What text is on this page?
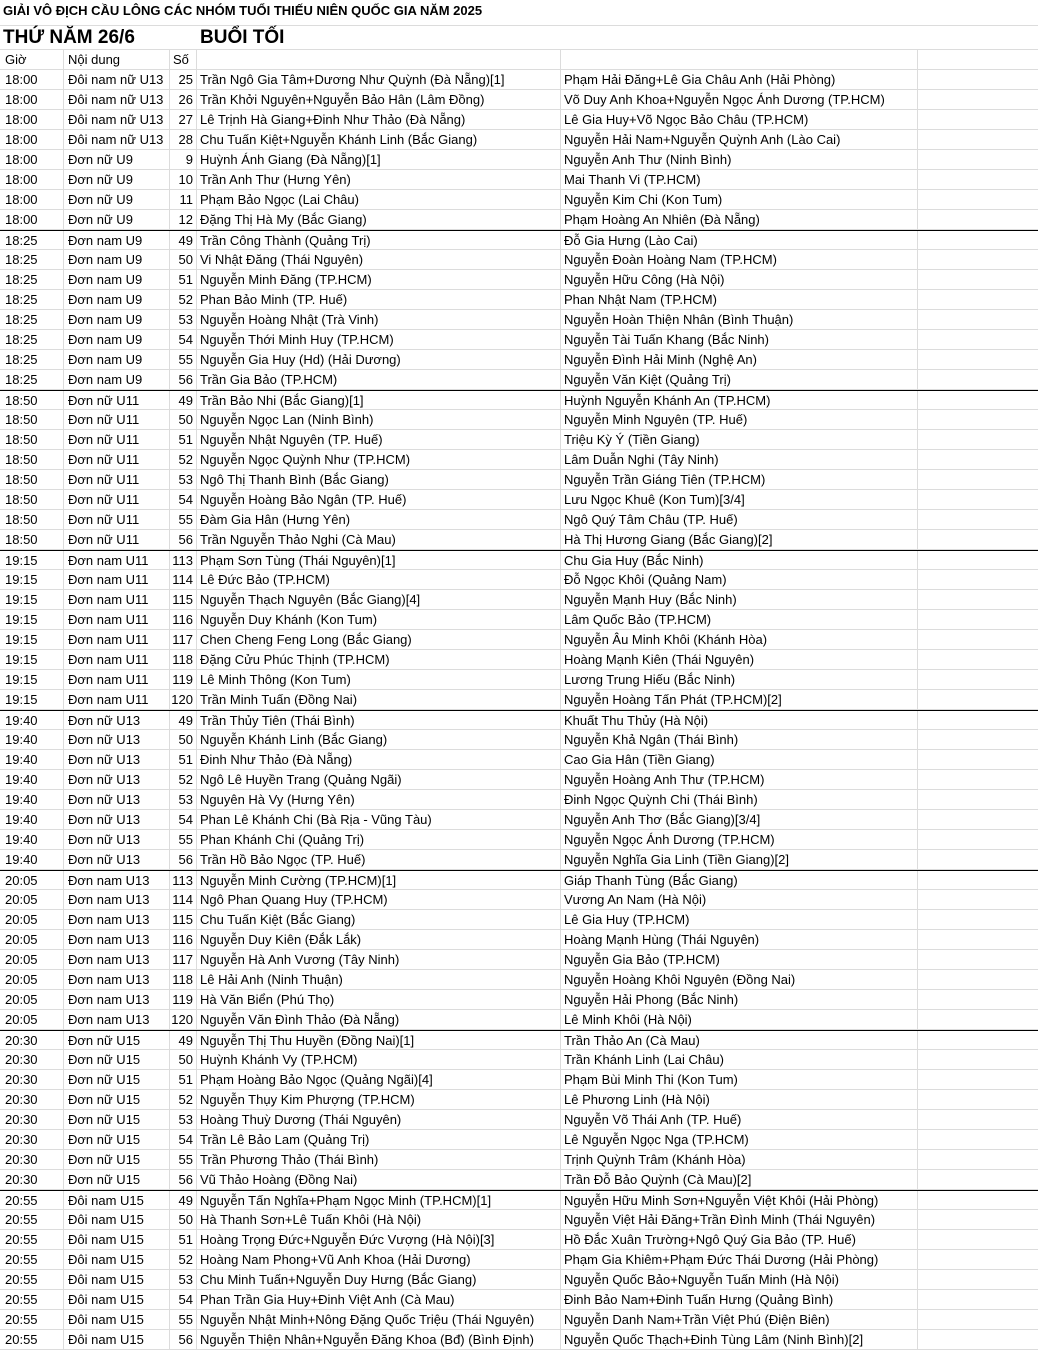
GIẢI VÔ ĐỊCH CẦU LÔNG CÁC NHÓM TUỔI THIẾU NIÊN QUỐC GIA NĂM 2025
THỨ NĂM 26/6	BUỔI TỐI
Giờ	Nội dung	Số
18:00	Đôi nam nữ U13	25 Trần Ngô Gia Tâm+Dương Như Quỳnh (Đà Nẵng)[1]	Phạm Hải Đăng+Lê Gia Châu Anh (Hải Phòng)
18:00	Đôi nam nữ U13	26 Trần Khởi Nguyên+Nguyễn Bảo Hân (Lâm Đồng)	Võ Duy Anh Khoa+Nguyễn Ngọc Ánh Dương (TP.HCM)
18:00	Đôi nam nữ U13	27 Lê Trịnh Hà Giang+Đinh Như Thảo (Đà Nẵng)	Lê Gia Huy+Võ Ngọc Bảo Châu (TP.HCM)
18:00	Đôi nam nữ U13	28 Chu Tuấn Kiệt+Nguyễn Khánh Linh (Bắc Giang)	Nguyễn Hải Nam+Nguyễn Quỳnh Anh (Lào Cai)
18:00	Đơn nữ U9	9 Huỳnh Ánh Giang (Đà Nẵng)[1]	Nguyễn Anh Thư (Ninh Bình)
18:00	Đơn nữ U9	10 Trần Anh Thư (Hưng Yên)	Mai Thanh Vi (TP.HCM)
18:00	Đơn nữ U9	11 Phạm Bảo Ngọc (Lai Châu)	Nguyễn Kim Chi (Kon Tum)
18:00	Đơn nữ U9	12 Đặng Thị Hà My (Bắc Giang)	Phạm Hoàng An Nhiên (Đà Nẵng)
18:25	Đơn nam U9	49 Trần Công Thành (Quảng Trị)	Đỗ Gia Hưng (Lào Cai)
18:25	Đơn nam U9	50 Vi Nhật Đăng (Thái Nguyên)	Nguyễn Đoàn Hoàng Nam (TP.HCM)
18:25	Đơn nam U9	51 Nguyễn Minh Đăng (TP.HCM)	Nguyễn Hữu Công (Hà Nội)
18:25	Đơn nam U9	52 Phan Bảo Minh (TP. Huế)	Phan Nhật Nam (TP.HCM)
18:25	Đơn nam U9	53 Nguyễn Hoàng Nhật (Trà Vinh)	Nguyễn Hoàn Thiện Nhân (Bình Thuận)
18:25	Đơn nam U9	54 Nguyễn Thới Minh Huy (TP.HCM)	Nguyễn Tài Tuấn Khang (Bắc Ninh)
18:25	Đơn nam U9	55 Nguyễn Gia Huy (Hd) (Hải Dương)	Nguyễn Đình Hải Minh (Nghệ An)
18:25	Đơn nam U9	56 Trần Gia Bảo (TP.HCM)	Nguyễn Văn Kiệt (Quảng Trị)
18:50	Đơn nữ U11	49 Trần Bảo Nhi (Bắc Giang)[1]	Huỳnh Nguyễn Khánh An (TP.HCM)
18:50	Đơn nữ U11	50 Nguyễn Ngọc Lan (Ninh Bình)	Nguyễn Minh Nguyên (TP. Huế)
18:50	Đơn nữ U11	51 Nguyễn Nhật Nguyên (TP. Huế)	Triệu Kỳ Ý (Tiền Giang)
18:50	Đơn nữ U11	52 Nguyễn Ngọc Quỳnh Như (TP.HCM)	Lâm Duẫn Nghi (Tây Ninh)
18:50	Đơn nữ U11	53 Ngô Thị Thanh Bình (Bắc Giang)	Nguyễn Trần Giáng Tiên (TP.HCM)
18:50	Đơn nữ U11	54 Nguyễn Hoàng Bảo Ngân (TP. Huế)	Lưu Ngọc Khuê (Kon Tum)[3/4]
18:50	Đơn nữ U11	55 Đàm Gia Hân (Hưng Yên)	Ngô Quý Tâm Châu (TP. Huế)
18:50	Đơn nữ U11	56 Trần Nguyễn Thảo Nghi (Cà Mau)	Hà Thị Hương Giang (Bắc Giang)[2]
19:15	Đơn nam U11	113 Phạm Sơn Tùng (Thái Nguyên)[1]	Chu Gia Huy (Bắc Ninh)
19:15	Đơn nam U11	114 Lê Đức Bảo (TP.HCM)	Đỗ Ngọc Khôi (Quảng Nam)
19:15	Đơn nam U11	115 Nguyễn Thạch Nguyên (Bắc Giang)[4]	Nguyễn Mạnh Huy (Bắc Ninh)
19:15	Đơn nam U11	116 Nguyễn Duy Khánh (Kon Tum)	Lâm Quốc Bảo (TP.HCM)
19:15	Đơn nam U11	117 Chen Cheng Feng Long (Bắc Giang)	Nguyễn Âu Minh Khôi (Khánh Hòa)
19:15	Đơn nam U11	118 Đặng Cửu Phúc Thịnh (TP.HCM)	Hoàng Mạnh Kiên (Thái Nguyên)
19:15	Đơn nam U11	119 Lê Minh Thông (Kon Tum)	Lương Trung Hiếu (Bắc Ninh)
19:15	Đơn nam U11	120 Trần Minh Tuấn (Đồng Nai)	Nguyễn Hoàng Tấn Phát (TP.HCM)[2]
19:40	Đơn nữ U13	49 Trần Thủy Tiên (Thái Bình)	Khuất Thu Thủy (Hà Nội)
19:40	Đơn nữ U13	50 Nguyễn Khánh Linh (Bắc Giang)	Nguyễn Khả Ngân (Thái Bình)
19:40	Đơn nữ U13	51 Đinh Như Thảo (Đà Nẵng)	Cao Gia Hân (Tiền Giang)
19:40	Đơn nữ U13	52 Ngô Lê Huyền Trang (Quảng Ngãi)	Nguyễn Hoàng Anh Thư (TP.HCM)
19:40	Đơn nữ U13	53 Nguyên Hà Vy (Hưng Yên)	Đinh Ngọc Quỳnh Chi (Thái Bình)
19:40	Đơn nữ U13	54 Phan Lê Khánh Chi (Bà Rịa - Vũng Tàu)	Nguyễn Anh Thơ (Bắc Giang)[3/4]
19:40	Đơn nữ U13	55 Phan Khánh Chi (Quảng Trị)	Nguyễn Ngọc Ánh Dương (TP.HCM)
19:40	Đơn nữ U13	56 Trần Hồ Bảo Ngọc (TP. Huế)	Nguyễn Nghĩa Gia Linh (Tiền Giang)[2]
20:05	Đơn nam U13	113 Nguyễn Minh Cường (TP.HCM)[1]	Giáp Thanh Tùng (Bắc Giang)
20:05	Đơn nam U13	114 Ngô Phan Quang Huy (TP.HCM)	Vương An Nam (Hà Nội)
20:05	Đơn nam U13	115 Chu Tuấn Kiệt (Bắc Giang)	Lê Gia Huy (TP.HCM)
20:05	Đơn nam U13	116 Nguyễn Duy Kiên (Đắk Lắk)	Hoàng Mạnh Hùng (Thái Nguyên)
20:05	Đơn nam U13	117 Nguyễn Hà Anh Vương (Tây Ninh)	Nguyễn Gia Bảo (TP.HCM)
20:05	Đơn nam U13	118 Lê Hải Anh (Ninh Thuận)	Nguyễn Hoàng Khôi Nguyên (Đồng Nai)
20:05	Đơn nam U13	119 Hà Văn Biển (Phú Thọ)	Nguyễn Hải Phong (Bắc Ninh)
20:05	Đơn nam U13	120 Nguyễn Văn Đình Thảo (Đà Nẵng)	Lê Minh Khôi (Hà Nội)
20:30	Đơn nữ U15	49 Nguyễn Thị Thu Huyền (Đồng Nai)[1]	Trần Thảo An (Cà Mau)
20:30	Đơn nữ U15	50 Huỳnh Khánh Vy (TP.HCM)	Trần Khánh Linh (Lai Châu)
20:30	Đơn nữ U15	51 Phạm Hoàng Bảo Ngọc (Quảng Ngãi)[4]	Phạm Bùi Minh Thi (Kon Tum)
20:30	Đơn nữ U15	52 Nguyễn Thụy Kim Phượng (TP.HCM)	Lê Phương Linh (Hà Nội)
20:30	Đơn nữ U15	53 Hoàng Thuỳ Dương (Thái Nguyên)	Nguyễn Võ Thái Anh (TP. Huế)
20:30	Đơn nữ U15	54 Trần Lê Bảo Lam (Quảng Trị)	Lê Nguyễn Ngọc Nga (TP.HCM)
20:30	Đơn nữ U15	55 Trần Phương Thảo (Thái Bình)	Trịnh Quỳnh Trâm (Khánh Hòa)
20:30	Đơn nữ U15	56 Vũ Thảo Hoàng (Đồng Nai)	Trần Đỗ Bảo Quỳnh (Cà Mau)[2]
20:55	Đôi nam U15	49 Nguyễn Tấn Nghĩa+Phạm Ngọc Minh (TP.HCM)[1]	Nguyễn Hữu Minh Sơn+Nguyễn Việt Khôi (Hải Phòng)
20:55	Đôi nam U15	50 Hà Thanh Sơn+Lê Tuấn Khôi (Hà Nội)	Nguyễn Việt Hải Đăng+Trần Đình Minh (Thái Nguyên)
20:55	Đôi nam U15	51 Hoàng Trọng Đức+Nguyễn Đức Vượng (Hà Nội)[3]	Hồ Đắc Xuân Trường+Ngô Quý Gia Bảo (TP. Huế)
20:55	Đôi nam U15	52 Hoàng Nam Phong+Vũ Anh Khoa (Hải Dương)	Phạm Gia Khiêm+Phạm Đức Thái Dương (Hải Phòng)
20:55	Đôi nam U15	53 Chu Minh Tuấn+Nguyễn Duy Hưng (Bắc Giang)	Nguyễn Quốc Bảo+Nguyễn Tuấn Minh (Hà Nội)
20:55	Đôi nam U15	54 Phan Trần Gia Huy+Đinh Việt Anh (Cà Mau)	Đinh Bảo Nam+Đinh Tuấn Hưng (Quảng Bình)
20:55	Đôi nam U15	55 Nguyễn Nhật Minh+Nông Đặng Quốc Triệu (Thái Nguyên)	Nguyễn Danh Nam+Trần Việt Phú (Điện Biên)
20:55	Đôi nam U15	56 Nguyễn Thiện Nhân+Nguyễn Đăng Khoa (Bđ) (Bình Định)	Nguyễn Quốc Thạch+Đinh Tùng Lâm (Ninh Bình)[2]
